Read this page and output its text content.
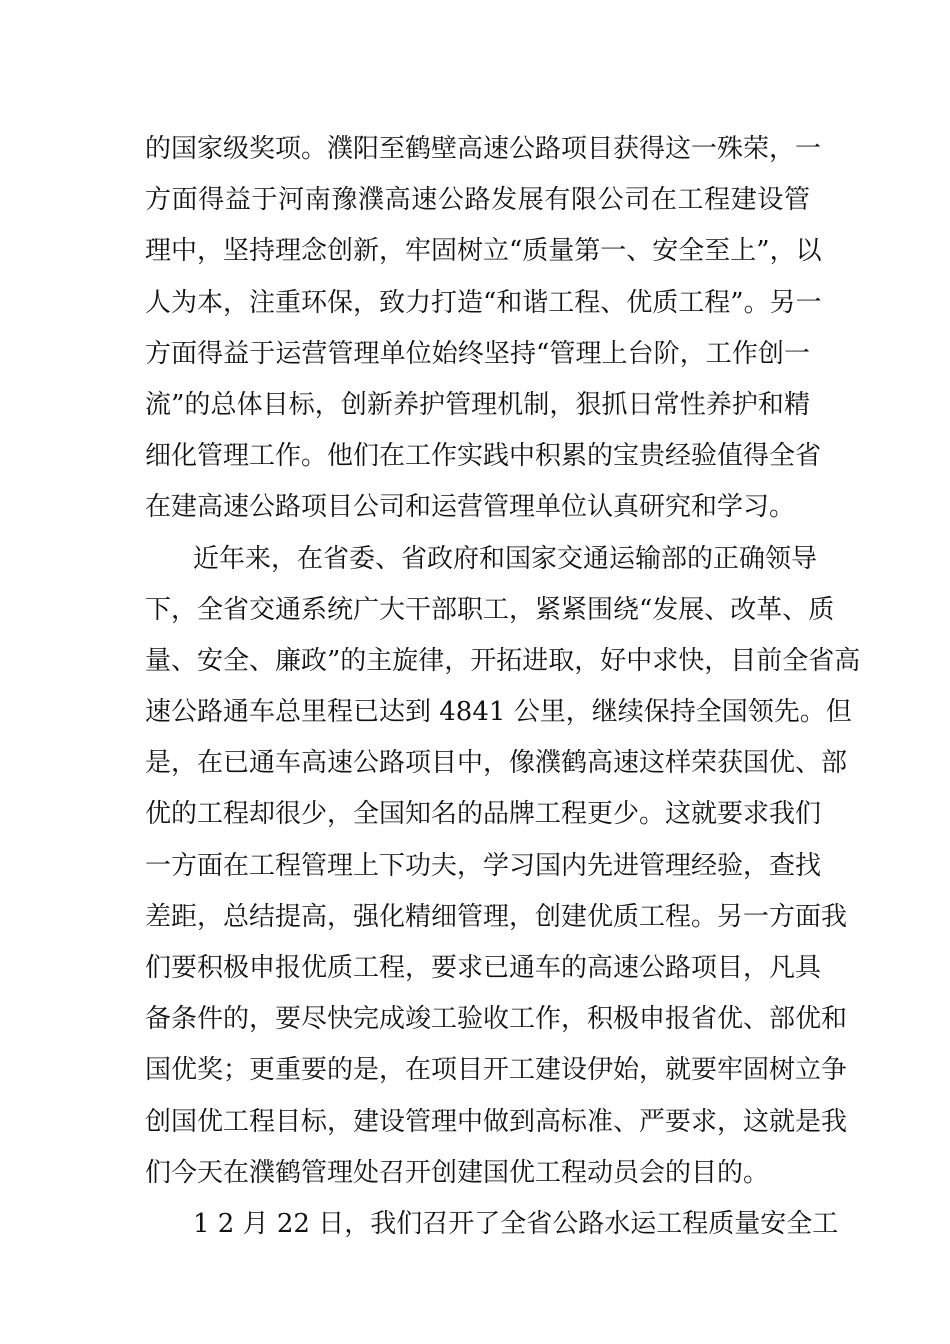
的国家级奖项。濮阳至鹤壁高速公路项目获得这一殊荣，一
方面得益于河南豫濮高速公路发展有限公司在工程建设管
理中，坚持理念创新，牢固树立“质量第一、安全至上”，以
人为本，注重环保，致力打造“和谐工程、优质工程”。另一
方面得益于运营管理单位始终坚持“管理上台阶，工作创一
流”的总体目标，创新养护管理机制，狠抓日常性养护和精
细化管理工作。他们在工作实践中积累的宝贵经验值得全省
在建高速公路项目公司和运营管理单位认真研究和学习。
近年来，在省委、省政府和国家交通运输部的正确领导
下，全省交通系统广大干部职工，紧紧围绕“发展、改革、质
量、安全、廉政”的主旋律，开拓进取，好中求快，目前全省高
速公路通车总里程已达到 4841 公里，继续保持全国领先。但
是，在已通车高速公路项目中，像濮鹤高速这样荣获国优、部
优的工程却很少，全国知名的品牌工程更少。这就要求我们
一方面在工程管理上下功夫，学习国内先进管理经验，查找
差距，总结提高，强化精细管理，创建优质工程。另一方面我
们要积极申报优质工程，要求已通车的高速公路项目，凡具
备条件的，要尽快完成竣工验收工作，积极申报省优、部优和
国优奖；更重要的是，在项目开工建设伊始，就要牢固树立争
创国优工程目标，建设管理中做到高标准、严要求，这就是我
们今天在濮鹤管理处召开创建国优工程动员会的目的。
1 2 月 22 日，我们召开了全省公路水运工程质量安全工
